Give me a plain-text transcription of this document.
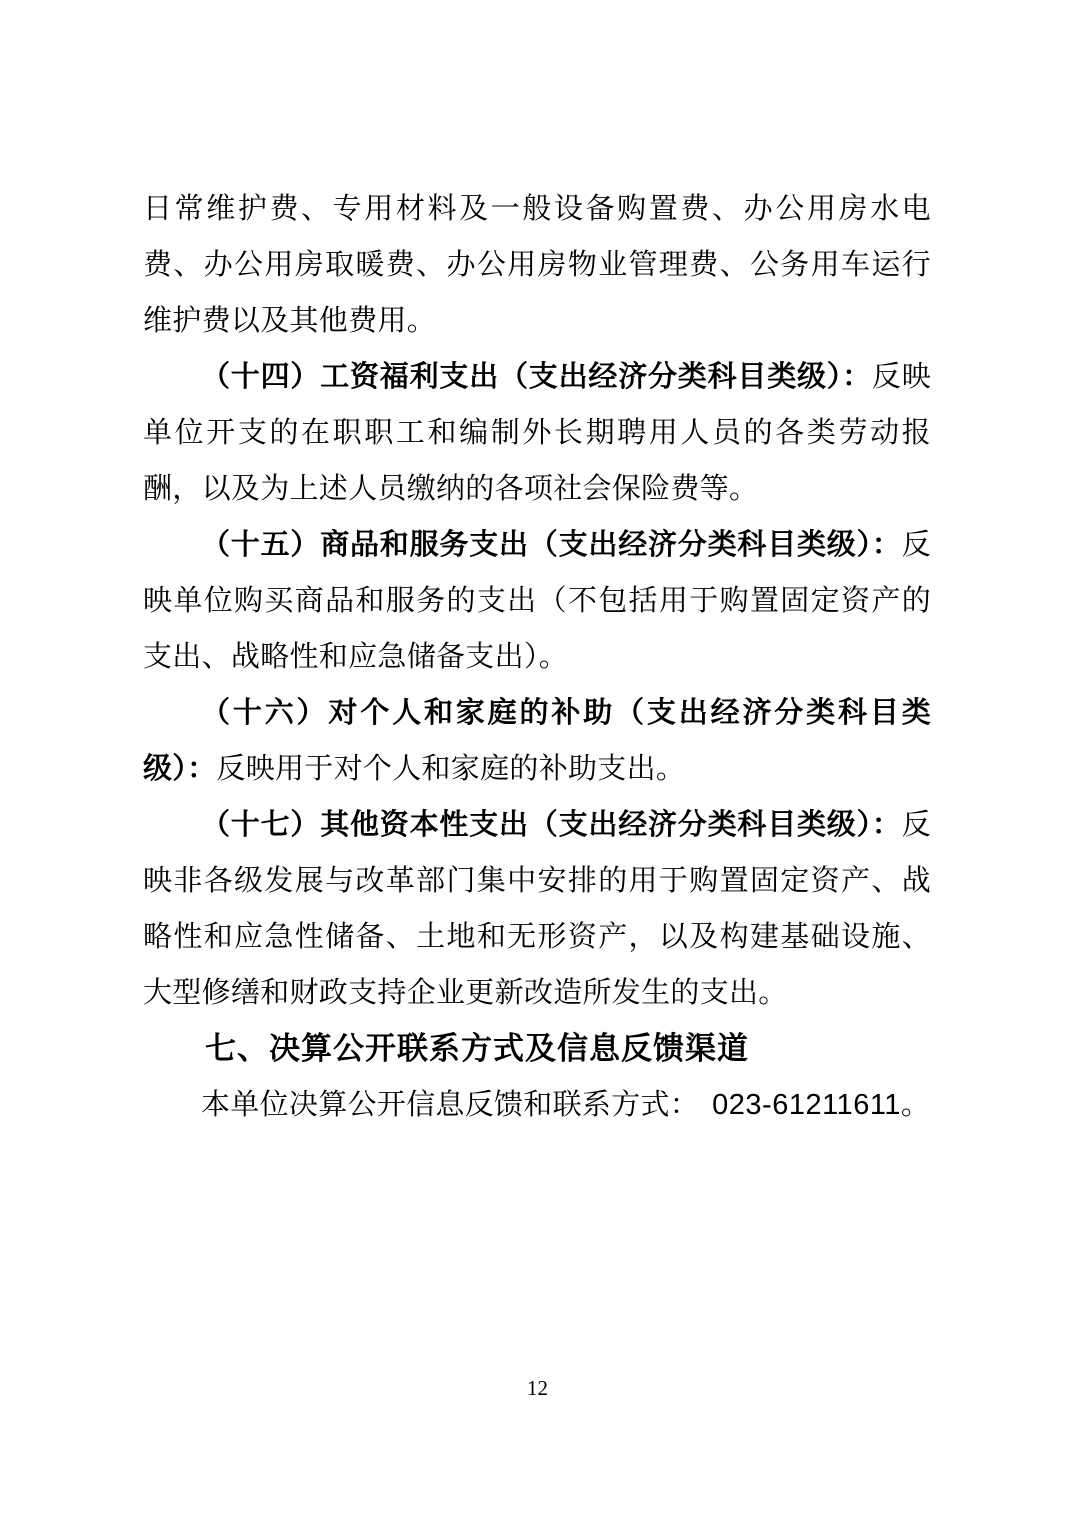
日常维护费、专用材料及一般设备购置费、办公用房水电费、办公用房取暖费、办公用房物业管理费、公务用车运行维护费以及其他费用。

（十四）工资福利支出（支出经济分类科目类级）：反映单位开支的在职职工和编制外长期聘用人员的各类劳动报酬，以及为上述人员缴纳的各项社会保险费等。

（十五）商品和服务支出（支出经济分类科目类级）：反映单位购买商品和服务的支出（不包括用于购置固定资产的支出、战略性和应急储备支出）。

（十六）对个人和家庭的补助（支出经济分类科目类级）：反映用于对个人和家庭的补助支出。

（十七）其他资本性支出（支出经济分类科目类级）：反映非各级发展与改革部门集中安排的用于购置固定资产、战略性和应急性储备、土地和无形资产，以及构建基础设施、大型修缮和财政支持企业更新改造所发生的支出。

七、决算公开联系方式及信息反馈渠道

本单位决算公开信息反馈和联系方式： 023-61211611。

12
